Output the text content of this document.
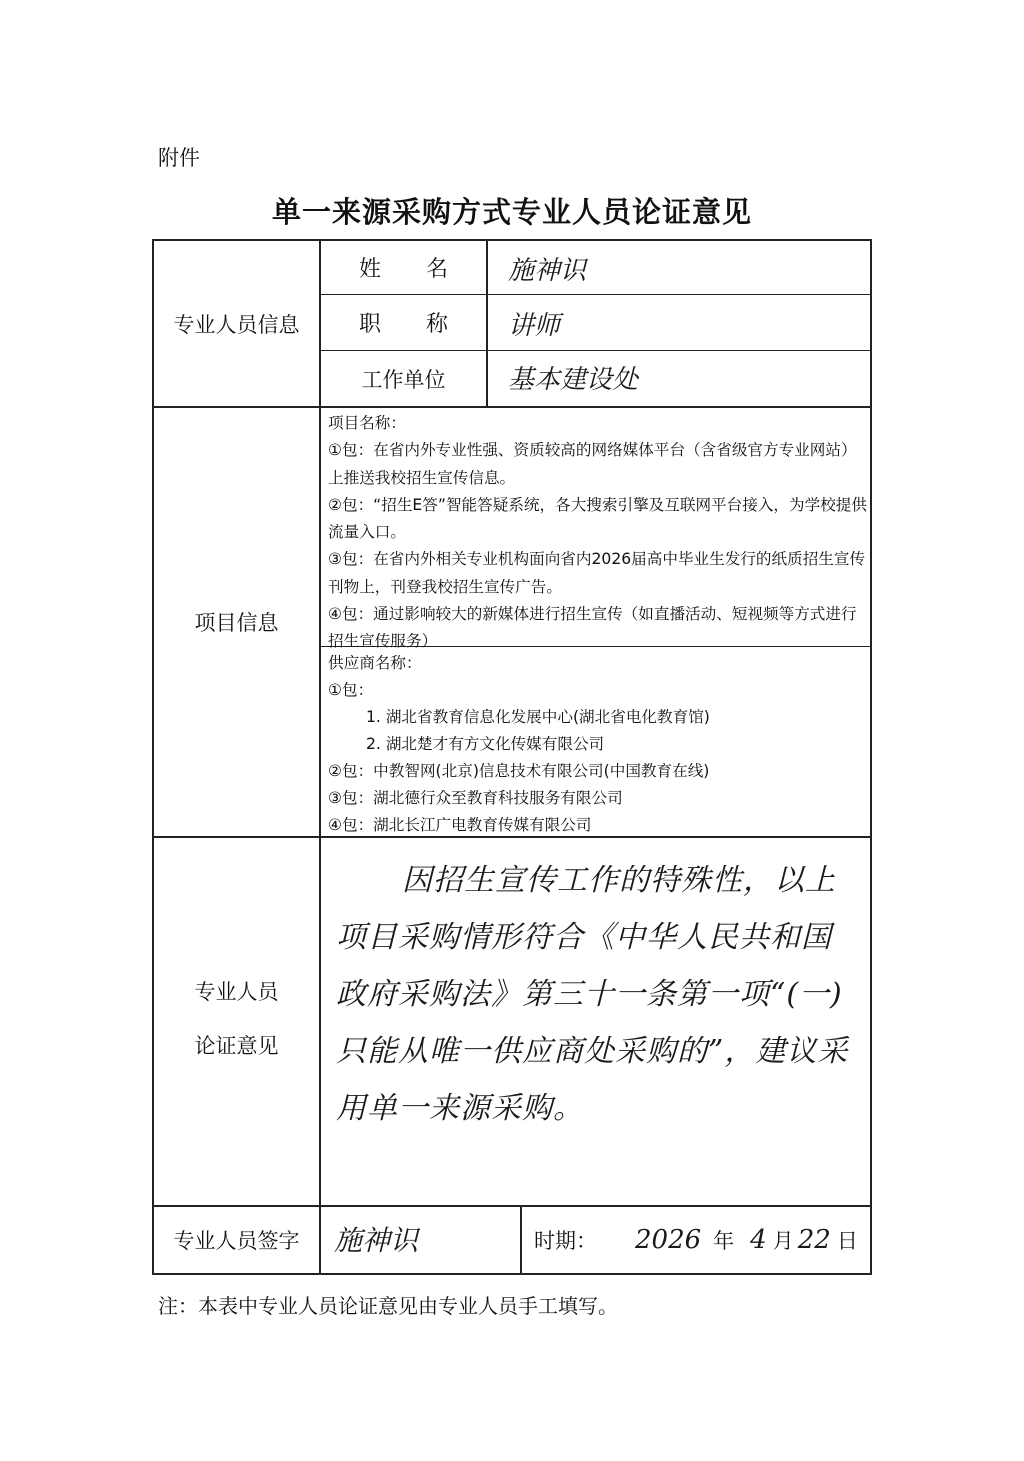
附件
单一来源采购方式专业人员论证意见
专业人员信息
姓 名	施神识
职 称	讲师
工作单位	基本建设处
项目信息

项目名称：

①包：在省内外专业性强、资质较高的网络媒体平台（含省级官方专业网站）上推送我校招生宣传信息。

②包：“招生E答”智能答疑系统，各大搜索引擎及互联网平台接入，为学校提供流量入口。

③包：在省内外相关专业机构面向省内2026届高中毕业生发行的纸质招生宣传刊物上，刊登我校招生宣传广告。

④包：通过影响较大的新媒体进行招生宣传（如直播活动、短视频等方式进行招生宣传服务）

供应商名称：

①包：

1. 湖北省教育信息化发展中心(湖北省电化教育馆)

2. 湖北楚才有方文化传媒有限公司

②包：中教智网(北京)信息技术有限公司(中国教育在线)

③包：湖北德行众至教育科技服务有限公司

④包：湖北长江广电教育传媒有限公司

专业人员
论证意见
因招生宣传工作的特殊性，以上项目采购情形符合《中华人民共和国政府采购法》第三十一条第一项“(一)只能从唯一供应商处采购的”，建议采用单一来源采购。
专业人员签字 施神识	时期： 2026 年 4 月 22 日
注：本表中专业人员论证意见由专业人员手工填写。
